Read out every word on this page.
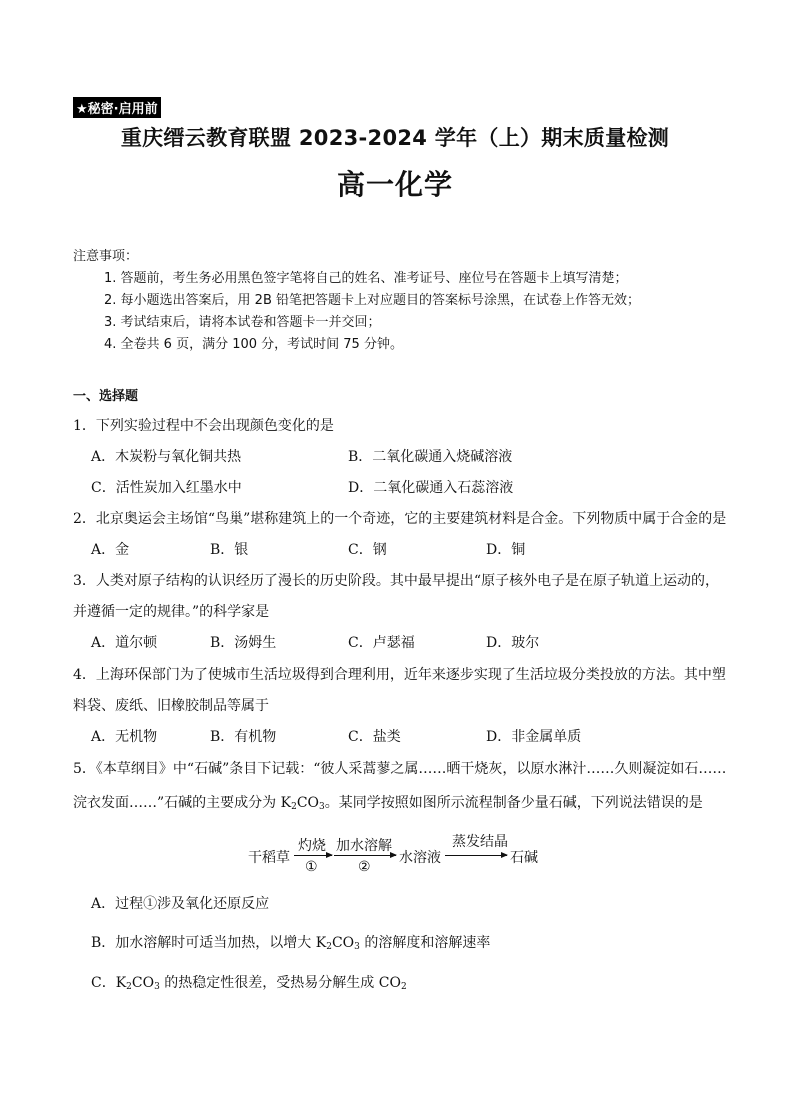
★秘密·启用前
重庆缙云教育联盟 2023-2024 学年（上）期末质量检测
高一化学
注意事项：
1. 答题前，考生务必用黑色签字笔将自己的姓名、准考证号、座位号在答题卡上填写清楚；
2. 每小题选出答案后，用 2B 铅笔把答题卡上对应题目的答案标号涂黑，在试卷上作答无效；
3. 考试结束后，请将本试卷和答题卡一并交回；
4. 全卷共 6 页，满分 100 分，考试时间 75 分钟。
一、选择题
1．下列实验过程中不会出现颜色变化的是
A．木炭粉与氧化铜共热	B．二氧化碳通入烧碱溶液
C．活性炭加入红墨水中	D．二氧化碳通入石蕊溶液
2．北京奥运会主场馆“鸟巢”堪称建筑上的一个奇迹，它的主要建筑材料是合金。下列物质中属于合金的是
A．金	B．银	C．钢	D．铜
3．人类对原子结构的认识经历了漫长的历史阶段。其中最早提出“原子核外电子是在原子轨道上运动的，
并遵循一定的规律。”的科学家是
A．道尔顿	B．汤姆生	C．卢瑟福	D．玻尔
4．上海环保部门为了使城市生活垃圾得到合理利用，近年来逐步实现了生活垃圾分类投放的方法。其中塑
料袋、废纸、旧橡胶制品等属于
A．无机物	B．有机物	C．盐类	D．非金属单质
5．《本草纲目》中“石碱”条目下记载：“彼人采蒿蓼之属……晒干烧灰，以原水淋汁……久则凝淀如石……
浣衣发面……”石碱的主要成分为 $K_2CO_3$。某同学按照如图所示流程制备少量石碱，下列说法错误的是
干稻草
灼烧
①
加水溶解
②
水溶液
蒸发结晶
石碱
A．过程①涉及氧化还原反应
B．加水溶解时可适当加热，以增大 $K_2CO_3$ 的溶解度和溶解速率
C．$K_2CO_3$ 的热稳定性很差，受热易分解生成 $CO_2$
